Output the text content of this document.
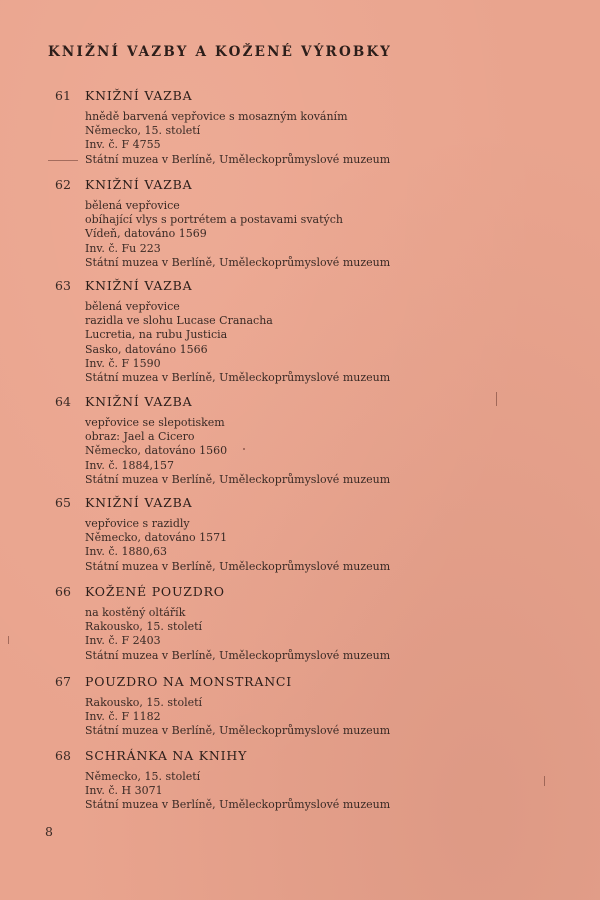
KNIŽNÍ VAZBY A KOŽENÉ VÝROBKY
61 KNIŽNÍ VAZBA
hnědě barvená vepřovice s mosazným kováním
Německo, 15. století
Inv. č. F 4755
Státní muzea v Berlíně, Uměleckoprůmyslové muzeum
62 KNIŽNÍ VAZBA
bělená vepřovice
obíhající vlys s portrétem a postavami svatých
Vídeň, datováno 1569
Inv. č. Fu 223
Státní muzea v Berlíně, Uměleckoprůmyslové muzeum
63 KNIŽNÍ VAZBA
bělená vepřovice
razidla ve slohu Lucase Cranacha
Lucretia, na rubu Justicia
Sasko, datováno 1566
Inv. č. F 1590
Státní muzea v Berlíně, Uměleckoprůmyslové muzeum
64 KNIŽNÍ VAZBA
vepřovice se slepotiskem
obraz: Jael a Cicero
Německo, datováno 1560
Inv. č. 1884,157
Státní muzea v Berlíně, Uměleckoprůmyslové muzeum
65 KNIŽNÍ VAZBA
vepřovice s razidly
Německo, datováno 1571
Inv. č. 1880,63
Státní muzea v Berlíně, Uměleckoprůmyslové muzeum
66 KOŽENÉ POUZDRO
na kostěný oltářík
Rakousko, 15. století
Inv. č. F 2403
Státní muzea v Berlíně, Uměleckoprůmyslové muzeum
67 POUZDRO NA MONSTRANCI
Rakousko, 15. století
Inv. č. F 1182
Státní muzea v Berlíně, Uměleckoprůmyslové muzeum
68 SCHRÁNKA NA KNIHY
Německo, 15. století
Inv. č. H 3071
Státní muzea v Berlíně, Uměleckoprůmyslové muzeum
8
